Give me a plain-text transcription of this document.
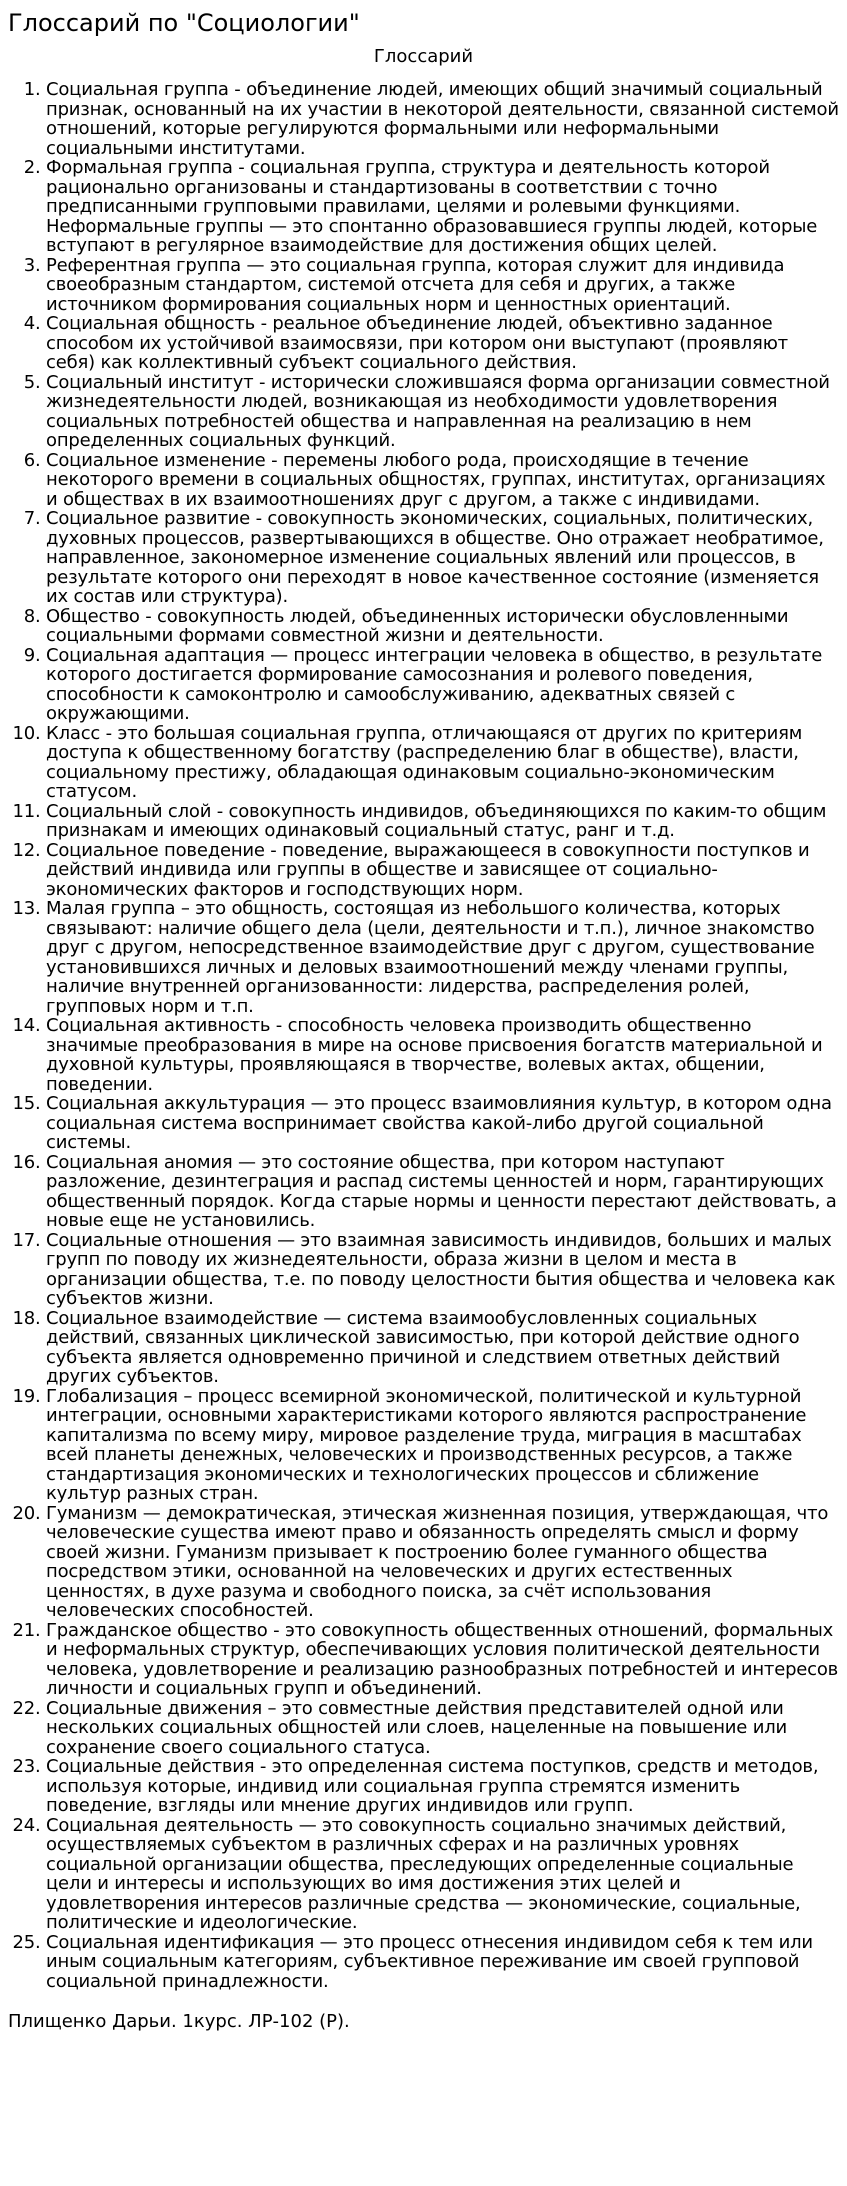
Глоссарий по "Социологии"
Глоссарий
1. Социальная группа - объединение людей, имеющих общий значимый социальный признак, основанный на их участии в некоторой деятельности, связанной системой отношений, которые регулируются формальными или неформальными социальными институтами.
2. Формальная группа - социальная группа, структура и деятельность которой рационально организованы и стандартизованы в соответствии с точно предписанными групповыми правилами, целями и ролевыми функциями. Неформальные группы — это спонтанно образовавшиеся группы людей, которые вступают в регулярное взаимодействие для достижения общих целей.
3. Референтная группа — это социальная группа, которая служит для индивида своеобразным стандартом, системой отсчета для себя и других, а также источником формирования социальных норм и ценностных ориентаций.
4. Социальная общность - реальное объединение людей, объективно заданное способом их устойчивой взаимосвязи, при котором они выступают (проявляют себя) как коллективный субъект социального действия.
5. Социальный институт - исторически сложившаяся форма организации совместной жизнедеятельности людей, возникающая из необходимости удовлетворения социальных потребностей общества и направленная на реализацию в нем определенных социальных функций.
6. Социальное изменение - перемены любого рода, происходящие в течение некоторого времени в социальных общностях, группах, институтах, организациях и обществах в их взаимоотношениях друг с другом, а также с индивидами.
7. Социальное развитие - совокупность экономических, социальных, политических, духовных процессов, развертывающихся в обществе. Оно отражает необратимое, направленное, закономерное изменение социальных явлений или процессов, в результате которого они переходят в новое качественное состояние (изменяется их состав или структура).
8. Общество - совокупность людей, объединенных исторически обусловленными социальными формами совместной жизни и деятельности.
9. Социальная адаптация — процесс интеграции человека в общество, в результате которого достигается формирование самосознания и ролевого поведения, способности к самоконтролю и самообслуживанию, адекватных связей с окружающими.
10. Класс - это большая социальная группа, отличающаяся от других по критериям доступа к общественному богатству (распределению благ в обществе), власти, социальному престижу, обладающая одинаковым социально-экономическим статусом.
11. Социальный слой - совокупность индивидов, объединяющихся по каким-то общим признакам и имеющих одинаковый социальный статус, ранг и т.д.
12. Социальное поведение - поведение, выражающееся в совокупности поступков и действий индивида или группы в обществе и зависящее от социально-экономических факторов и господствующих норм.
13. Малая группа – это общность, состоящая из небольшого количества, которых связывают: наличие общего дела (цели, деятельности и т.п.), личное знакомство друг с другом, непосредственное взаимодействие друг с другом, существование установившихся личных и деловых взаимоотношений между членами группы, наличие внутренней организованности: лидерства, распределения ролей, групповых норм и т.п.
14. Социальная активность - способность человека производить общественно значимые преобразования в мире на основе присвоения богатств материальной и духовной культуры, проявляющаяся в творчестве, волевых актах, общении, поведении.
15. Социальная аккультурация — это процесс взаимовлияния культур, в котором одна социальная система воспринимает свойства какой-либо другой социальной системы.
16. Социальная аномия — это состояние общества, при котором наступают разложение, дезинтеграция и распад системы ценностей и норм, гарантирующих общественный порядок. Когда старые нормы и ценности перестают действовать, а новые еще не установились.
17. Социальные отношения — это взаимная зависимость индивидов, больших и малых групп по поводу их жизнедеятельности, образа жизни в целом и места в организации общества, т.е. по поводу целостности бытия общества и человека как субъектов жизни.
18. Социальное взаимодействие — система взаимообусловленных социальных действий, связанных циклической зависимостью, при которой действие одного субъекта является одновременно причиной и следствием ответных действий других субъектов.
19. Глобализация – процесс всемирной экономической, политической и культурной интеграции, основными характеристиками которого являются распространение капитализма по всему миру, мировое разделение труда, миграция в масштабах всей планеты денежных, человеческих и производственных ресурсов, а также стандартизация экономических и технологических процессов и сближение культур разных стран.
20. Гуманизм — демократическая, этическая жизненная позиция, утверждающая, что человеческие существа имеют право и обязанность определять смысл и форму своей жизни. Гуманизм призывает к построению более гуманного общества посредством этики, основанной на человеческих и других естественных ценностях, в духе разума и свободного поиска, за счёт использования человеческих способностей.
21. Гражданское общество - это совокупность общественных отношений, формальных и неформальных структур, обеспечивающих условия политической деятельности человека, удовлетворение и реализацию разнообразных потребностей и интересов личности и социальных групп и объединений.
22. Социальные движения – это совместные действия представителей одной или нескольких социальных общностей или слоев, нацеленные на повышение или сохранение своего социального статуса.
23. Социальные действия - это определенная система поступков, средств и методов, используя которые, индивид или социальная группа стремятся изменить поведение, взгляды или мнение других индивидов или групп.
24. Социальная деятельность — это совокупность социально значимых действий, осуществляемых субъектом в различных сферах и на различных уровнях социальной организации общества, преследующих определенные социальные цели и интересы и использующих во имя достижения этих целей и удовлетворения интересов различные средства — экономические, социальные, политические и идеологические.
25. Социальная идентификация — это процесс отнесения индивидом себя к тем или иным социальным категориям, субъективное переживание им своей групповой социальной принадлежности.
Плищенко Дарьи. 1курс. ЛР-102 (Р).
